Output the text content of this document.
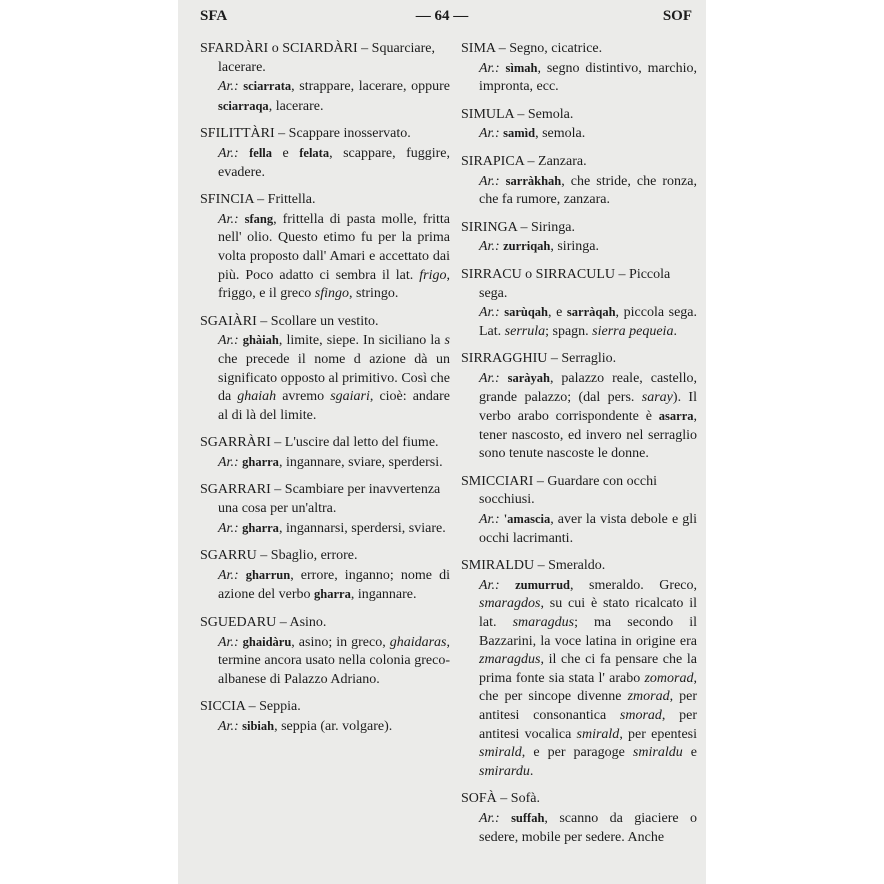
SFA	— 64 —	SOF

SFARDÀRI o SCIARDÀRI – Squarciare, lacerare.

Ar.: sciarrata, strappare, lacerare, oppure sciarraqa, lacerare.

SFILITTÀRI – Scappare inosservato.

Ar.: fella e felata, scappare, fuggire, evadere.

SFINCIA – Frittella.

Ar.: sfang, frittella di pasta molle, fritta nell' olio. Questo etimo fu per la prima volta proposto dall' Amari e accettato dai più. Poco adatto ci sembra il lat. frigo, friggo, e il greco sfingo, stringo.

SGAIÀRI – Scollare un vestito.

Ar.: ghàiah, limite, siepe. In siciliano la s che precede il nome d azione dà un significato opposto al primitivo. Così che da ghaiah avremo sgaiari, cioè: andare al di là del limite.

SGARRÀRI – L'uscire dal letto del fiume.

Ar.: gharra, ingannare, sviare, sperdersi.

SGARRARI – Scambiare per inavvertenza una cosa per un'altra.

Ar.: gharra, ingannarsi, sperdersi, sviare.

SGARRU – Sbaglio, errore.

Ar.: gharrun, errore, inganno; nome di azione del verbo gharra, ingannare.

SGUEDARU – Asino.

Ar.: ghaidàru, asino; in greco, ghaidaras, termine ancora usato nella colonia greco-albanese di Palazzo Adriano.

SICCIA – Seppia.

Ar.: sibiah, seppia (ar. volgare).

SIMA – Segno, cicatrice.

Ar.: sìmah, segno distintivo, marchio, impronta, ecc.

SIMULA – Semola.

Ar.: samìd, semola.

SIRAPICA – Zanzara.

Ar.: sarràkhah, che stride, che ronza, che fa rumore, zanzara.

SIRINGA – Siringa.

Ar.: zurriqah, siringa.

SIRRACU o SIRRACULU – Piccola sega.

Ar.: sarùqah, e sarràqah, piccola sega. Lat. serrula; spagn. sierra pequeia.

SIRRAGGHIU – Serraglio.

Ar.: saràyah, palazzo reale, castello, grande palazzo; (dal pers. saray). Il verbo arabo corrispondente è asarra, tener nascosto, ed invero nel serraglio sono tenute nascoste le donne.

SMICCIARI – Guardare con occhi socchiusi.

Ar.: 'amascia, aver la vista debole e gli occhi lacrimanti.

SMIRALDU – Smeraldo.

Ar.: zumurrud, smeraldo. Greco, smaragdos, su cui è stato ricalcato il lat. smaragdus; ma secondo il Bazzarini, la voce latina in origine era zmaragdus, il che ci fa pensare che la prima fonte sia stata l' arabo zomorad, che per sincope divenne zmorad, per antitesi consonantica smorad, per antitesi vocalica smirald, per epentesi smirald, e per paragoge smiraldu e smirardu.

SOFÀ – Sofà.

Ar.: suffah, scanno da giaciere o sedere, mobile per sedere. Anche
